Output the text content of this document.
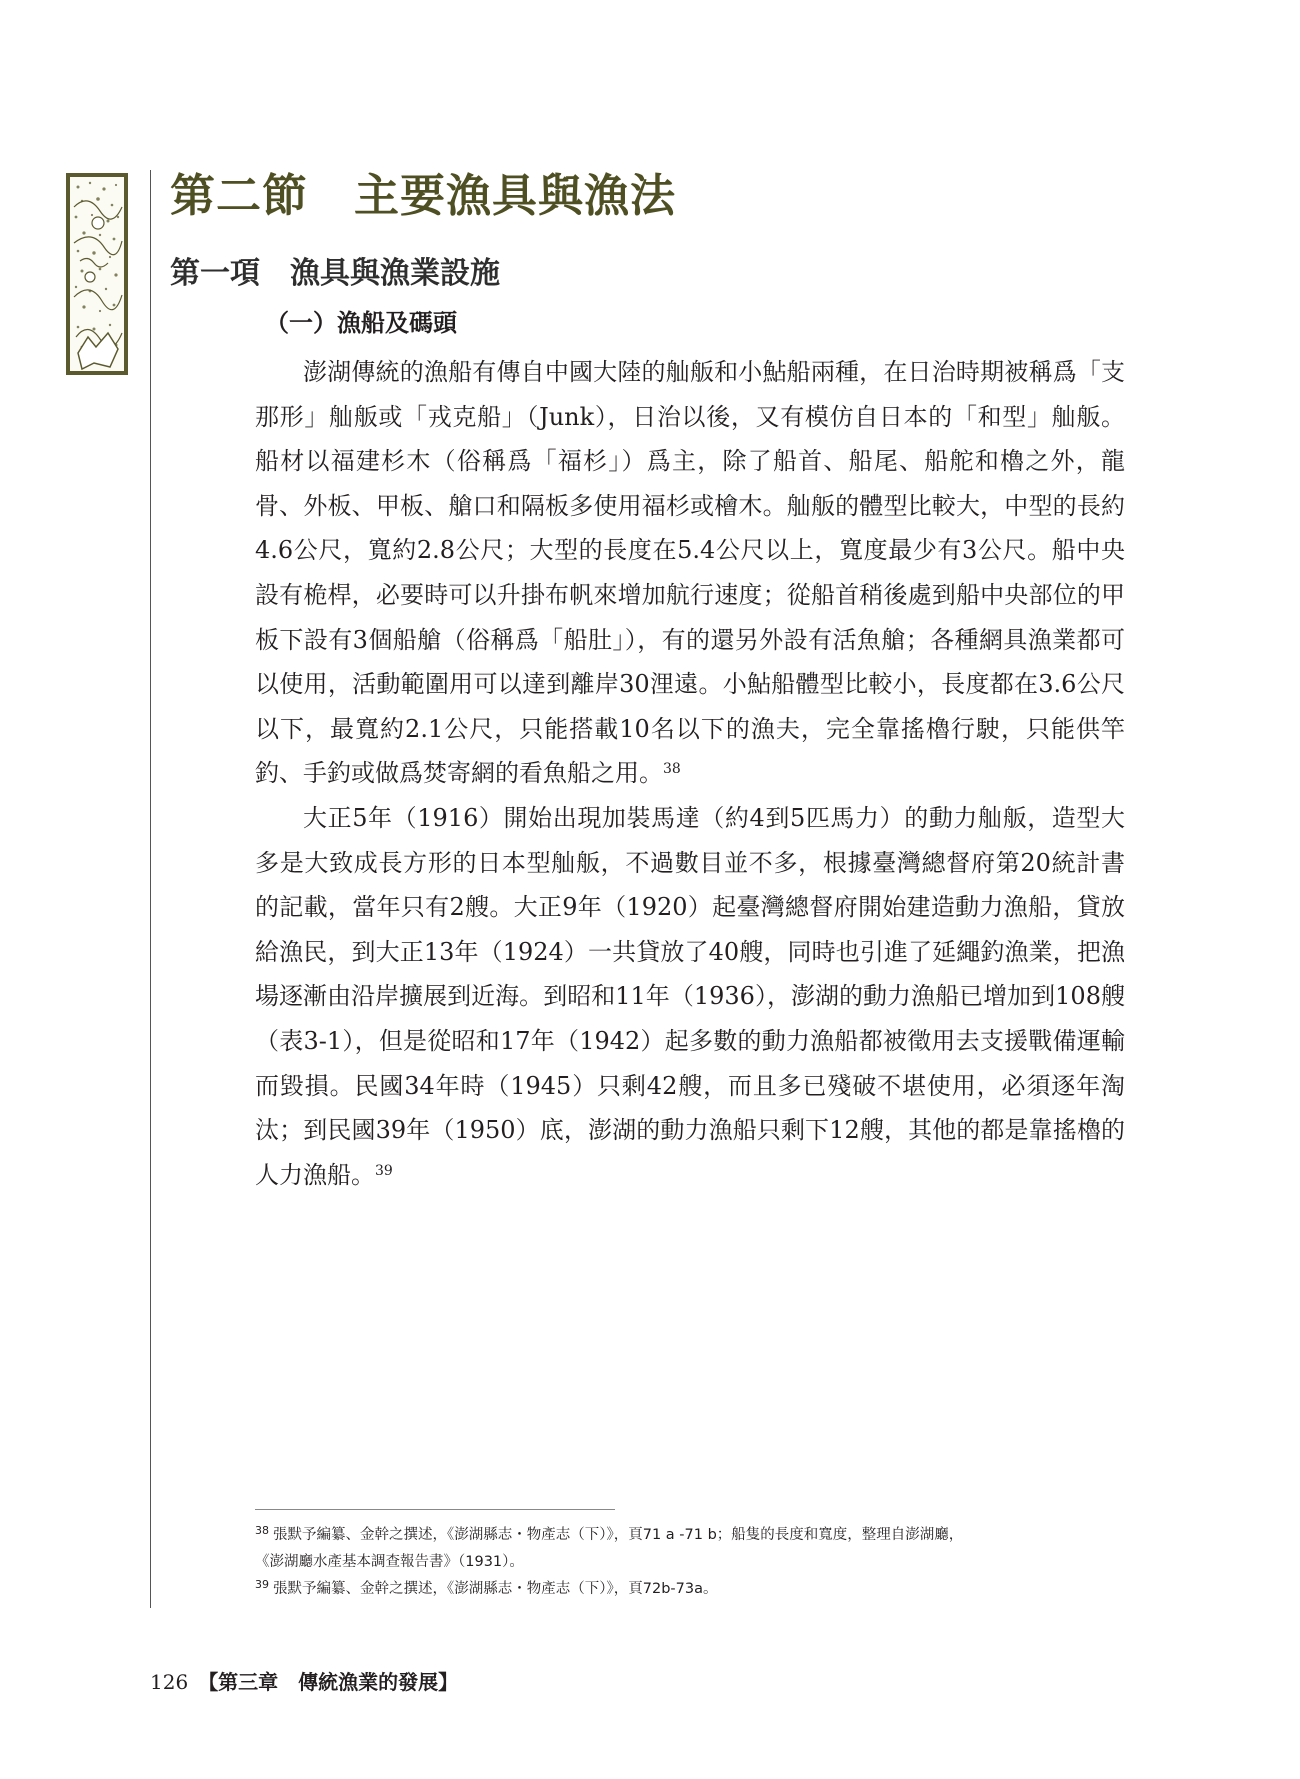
第二節　主要漁具與漁法
第一項　漁具與漁業設施
（一）漁船及碼頭

澎湖傳統的漁船有傳自中國大陸的舢舨和小鮎船兩種，在日治時期被稱爲「支那形」舢舨或「戎克船」（Junk），日治以後，又有模仿自日本的「和型」舢舨。船材以福建杉木（俗稱爲「福杉」）爲主，除了船首、船尾、船舵和櫓之外，龍骨、外板、甲板、艙口和隔板多使用福杉或檜木。舢舨的體型比較大，中型的長約4.6公尺，寬約2.8公尺；大型的長度在5.4公尺以上，寬度最少有3公尺。船中央設有桅桿，必要時可以升掛布帆來增加航行速度；從船首稍後處到船中央部位的甲板下設有3個船艙（俗稱爲「船肚」），有的還另外設有活魚艙；各種網具漁業都可以使用，活動範圍用可以達到離岸30浬遠。小鮎船體型比較小，長度都在3.6公尺以下，最寬約2.1公尺，只能搭載10名以下的漁夫，完全靠搖櫓行駛，只能供竿釣、手釣或做爲焚寄網的看魚船之用。$^{38}$

大正5年（1916）開始出現加裝馬達（約4到5匹馬力）的動力舢舨，造型大多是大致成長方形的日本型舢舨，不過數目並不多，根據臺灣總督府第20統計書的記載，當年只有2艘。大正9年（1920）起臺灣總督府開始建造動力漁船，貸放給漁民，到大正13年（1924）一共貸放了40艘，同時也引進了延繩釣漁業，把漁場逐漸由沿岸擴展到近海。到昭和11年（1936），澎湖的動力漁船已增加到108艘（表3-1），但是從昭和17年（1942）起多數的動力漁船都被徵用去支援戰備運輸而毀損。民國34年時（1945）只剩42艘，而且多已殘破不堪使用，必須逐年淘汰；到民國39年（1950）底，澎湖的動力漁船只剩下12艘，其他的都是靠搖櫓的人力漁船。$^{39}$

$^{38}$ 張默予編纂、金幹之撰述，《澎湖縣志・物產志（下）》，頁71 a -71 b；船隻的長度和寬度，整理自澎湖廳，

《澎湖廳水產基本調查報告書》（1931）。

$^{39}$ 張默予編纂、金幹之撰述，《澎湖縣志・物產志（下）》，頁72b-73a。

126 【第三章　傳統漁業的發展】
